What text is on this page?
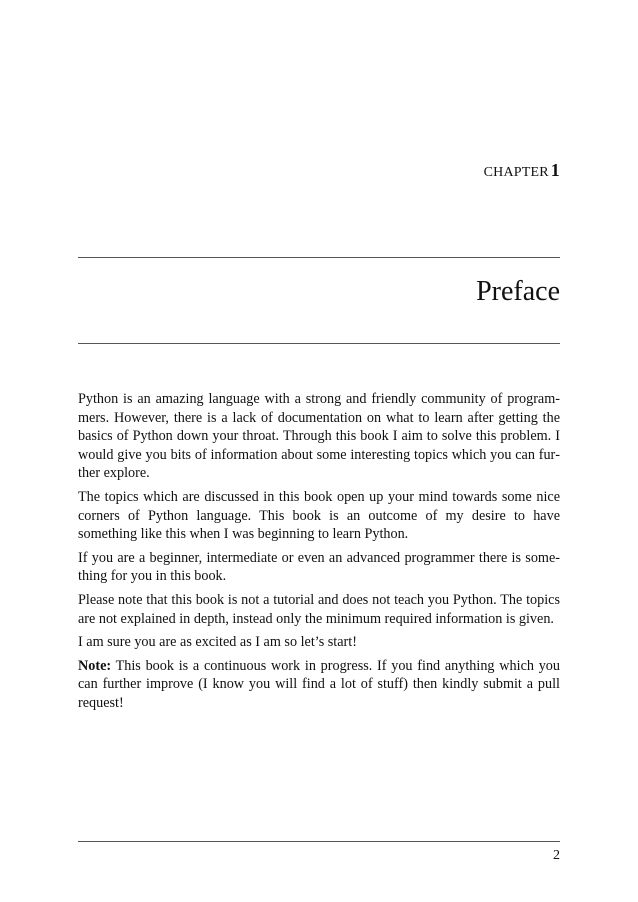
CHAPTER 1
Preface

Python is an amazing language with a strong and friendly community of programmers. However, there is a lack of documentation on what to learn after getting the basics of Python down your throat. Through this book I aim to solve this problem. I would give you bits of information about some interesting topics which you can further explore.

The topics which are discussed in this book open up your mind towards some nice corners of Python language. This book is an outcome of my desire to have something like this when I was beginning to learn Python.

If you are a beginner, intermediate or even an advanced programmer there is something for you in this book.

Please note that this book is not a tutorial and does not teach you Python. The topics are not explained in depth, instead only the minimum required information is given.

I am sure you are as excited as I am so let’s start!

Note: This book is a continuous work in progress. If you find anything which you can further improve (I know you will find a lot of stuff) then kindly submit a pull request!

2
